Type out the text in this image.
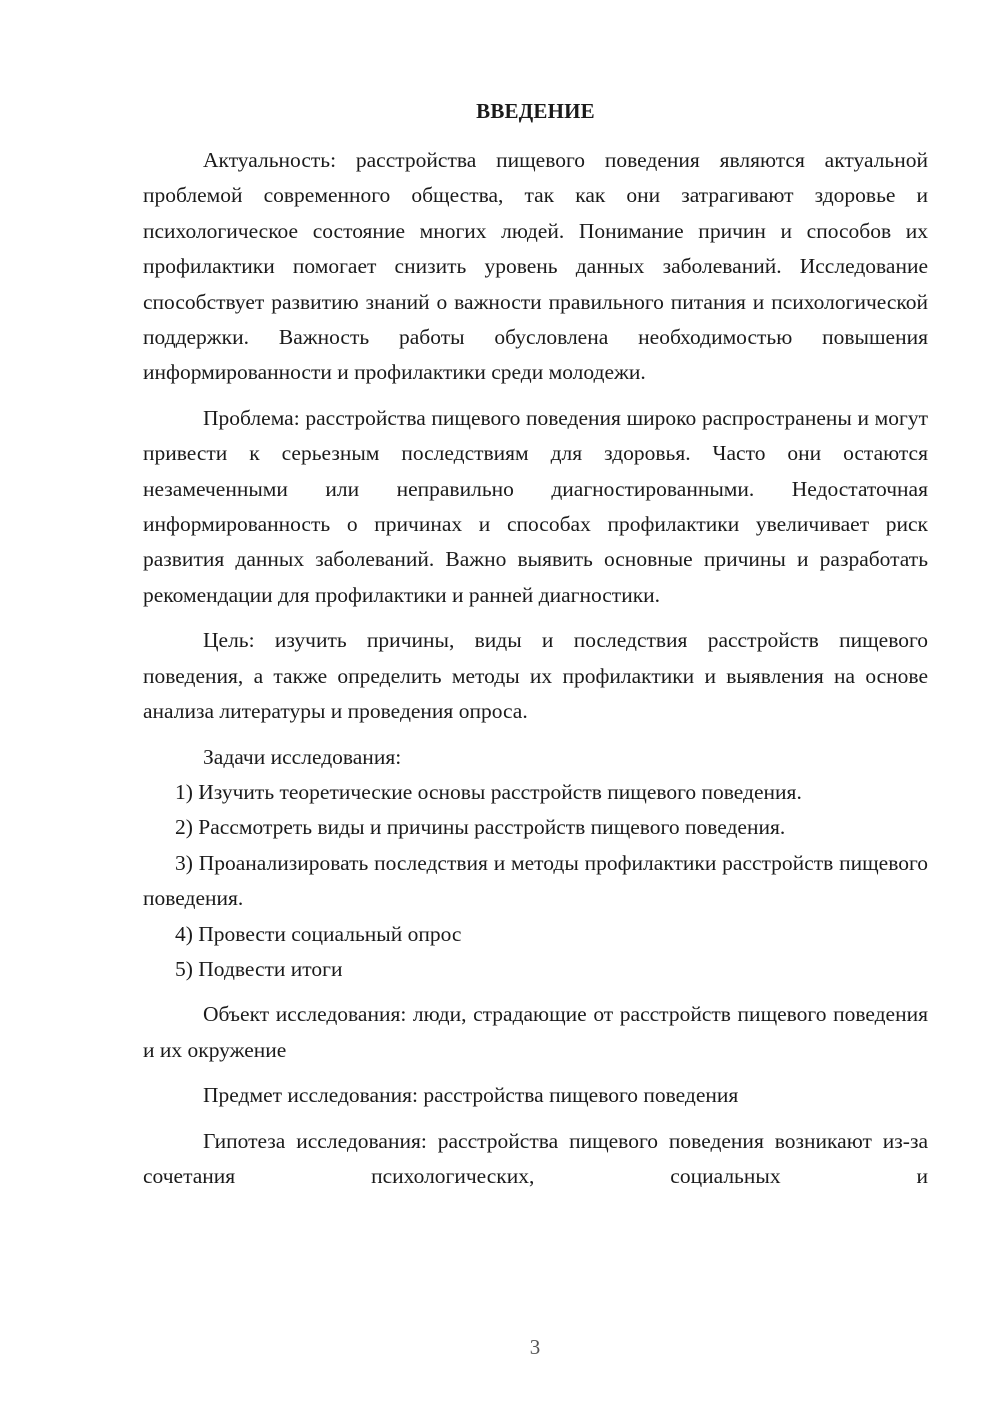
ВВЕДЕНИЕ

Актуальность: расстройства пищевого поведения являются актуальной проблемой современного общества, так как они затрагивают здоровье и психологическое состояние многих людей. Понимание причин и способов их профилактики помогает снизить уровень данных заболеваний. Исследование способствует развитию знаний о важности правильного питания и психологической поддержки. Важность работы обусловлена необходимостью повышения информированности и профилактики среди молодежи.

Проблема: расстройства пищевого поведения широко распространены и могут привести к серьезным последствиям для здоровья. Часто они остаются незамеченными или неправильно диагностированными. Недостаточная информированность о причинах и способах профилактики увеличивает риск развития данных заболеваний. Важно выявить основные причины и разработать рекомендации для профилактики и ранней диагностики.

Цель: изучить причины, виды и последствия расстройств пищевого поведения, а также определить методы их профилактики и выявления на основе анализа литературы и проведения опроса.

Задачи исследования:

1) Изучить теоретические основы расстройств пищевого поведения.

2) Рассмотреть виды и причины расстройств пищевого поведения.

3) Проанализировать последствия и методы профилактики расстройств пищевого поведения.

4) Провести социальный опрос

5) Подвести итоги

Объект исследования: люди, страдающие от расстройств пищевого поведения и их окружение

Предмет исследования: расстройства пищевого поведения

Гипотеза исследования: расстройства пищевого поведения возникают из-за сочетания психологических, социальных и

3
